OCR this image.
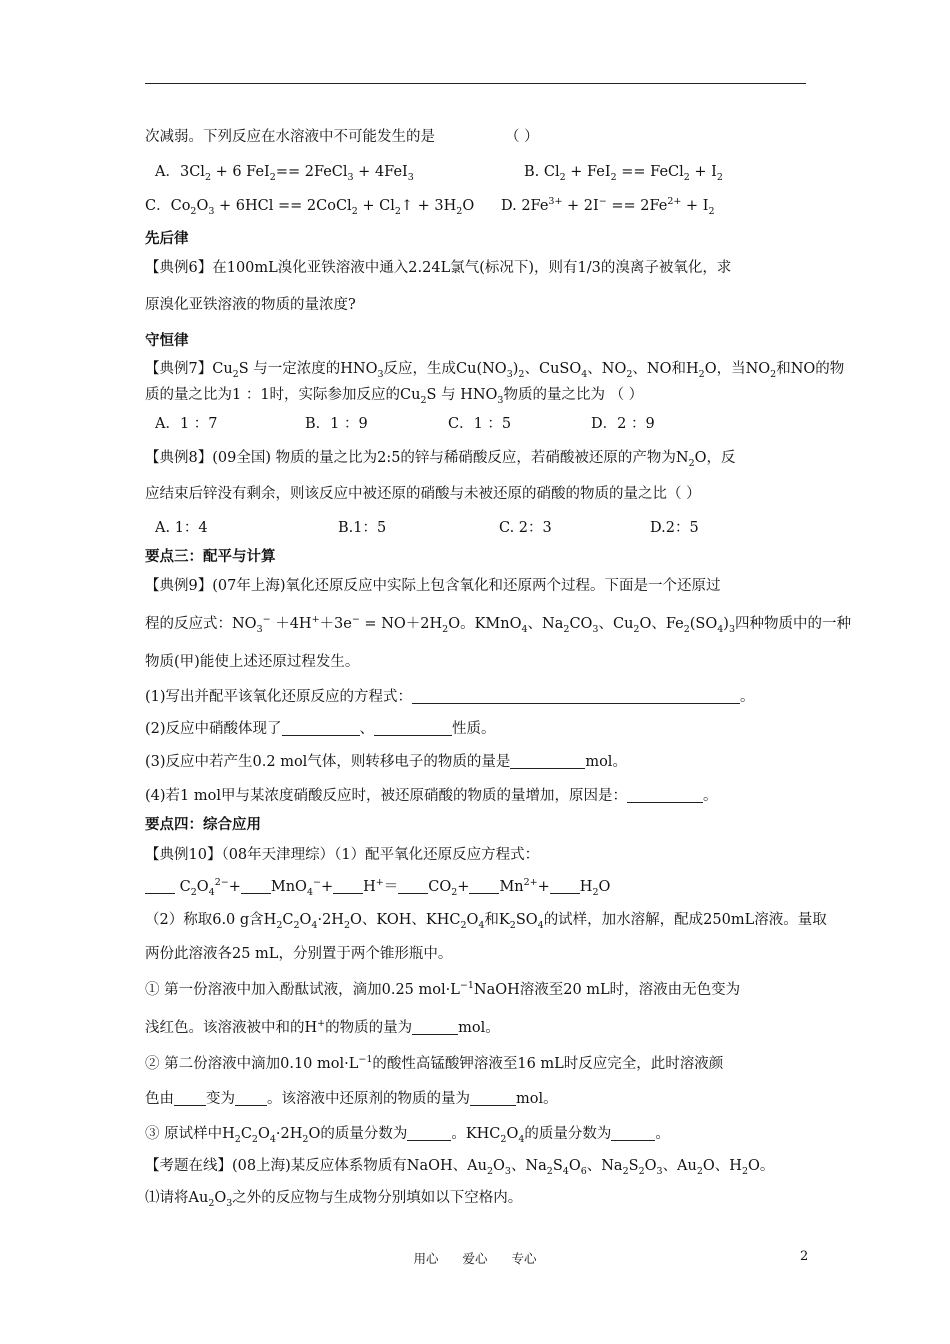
次减弱。下列反应在水溶液中不可能发生的是	（ ）
A．$3Cl_2 + 6$ FeI$_2$== 2FeCl$_3$ + 4FeI$_3$	B. $Cl_2 + FeI_2$ == FeCl$_2$ + $I_2$
C．$Co_2O_3 + 6HCl$ == 2CoCl$_2$ + $Cl_2↑ + 3H_2O$ D. $2Fe^{3+} + 2I^- == 2Fe^{2+} + I_2$
先后律
【典例6】在100mL溴化亚铁溶液中通入2.24L氯气(标况下)，则有1/3的溴离子被氧化，求
原溴化亚铁溶液的物质的量浓度?
守恒律
【典例7】$Cu_2S$ 与一定浓度的$HNO_3$反应，生成$Cu(NO_3)_2$、CuSO$_4$、$NO_2$、NO和$H_2O$，当$NO_2$和NO的物
质的量之比为1 ：1时，实际参加反应的$Cu_2S$ 与 $HNO_3$物质的量之比为 （ ）
A．1 ：7	B．1 ：9	C．1 ：5	D．2 ：9
【典例8】(09全国) 物质的量之比为2:5的锌与稀硝酸反应，若硝酸被还原的产物为$N_2O$，反
应结束后锌没有剩余，则该反应中被还原的硝酸与未被还原的硝酸的物质的量之比（ ）
A. 1：4	B.1：5	C. 2：3	D.2：5
要点三：配平与计算
【典例9】(07年上海)氧化还原反应中实际上包含氧化和还原两个过程。下面是一个还原过
程的反应式：$NO_3^- +4H^++3e^- = NO+2H_2O$。KMnO$_4$、$Na_2CO_3$、$Cu_2O$、$Fe_2(SO_4)_3$四种物质中的一种
物质(甲)能使上述还原过程发生。
(1)写出并配平该氧化还原反应的方程式：	。
(2)反应中硝酸体现了	、	性质。
(3)反应中若产生0.2 mol气体，则转移电子的物质的量是	mol。
(4)若1 mol甲与某浓度硝酸反应时，被还原硝酸的物质的量增加，原因是：	。
要点四：综合应用
【典例10】（08年天津理综）（1）配平氧化还原反应方程式：
$C_2O_4^{2-}+ MnO_4^-+ H^+= CO_2+ Mn^{2+}+ H_2O$
（2）称取6.0 g含$H_2C_2O_4\cdot 2H_2O$、KOH、$KHC_2O_4$和$K_2SO_4$的试样，加水溶解，配成250mL溶液。量取
两份此溶液各25 mL，分别置于两个锥形瓶中。
① 第一份溶液中加入酚酞试液，滴加0.25 $mol\cdot L^{-1}NaOH$溶液至20 mL时，溶液由无色变为
浅红色。该溶液被中和的H+的物质的量为	mol。
② 第二份溶液中滴加0.10 $mol\cdot L^{-1}$的酸性高锰酸钾溶液至16 mL时反应完全，此时溶液颜
色由 变为 。该溶液中还原剂的物质的量为	mol。
③ 原试样中$H_2C_2O_4\cdot 2H_2O$的质量分数为	。$KHC_2O_4$的质量分数为	。
【考题在线】(08上海)某反应体系物质有NaOH、$Au_2O_3$、$Na_2S_4O_6$、$Na_2S_2O_3$、$Au_2O$、$H_2O$。
⑴请将$Au_2O_3$之外的反应物与生成物分别填如以下空格内。
用心 爱心 专心	2
